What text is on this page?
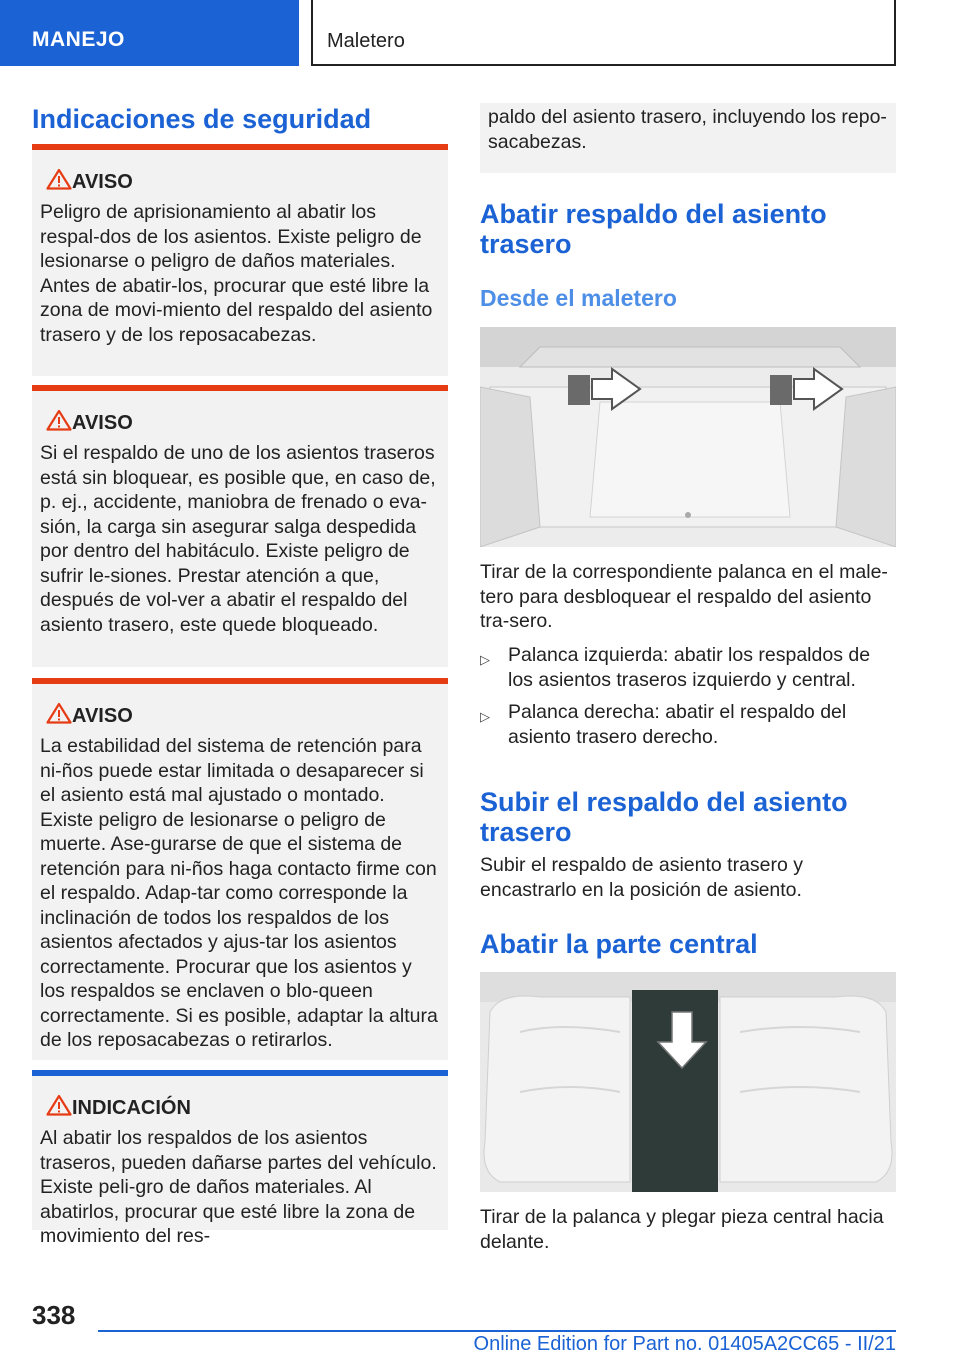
MANEJO	Maletero
Indicaciones de seguridad
AVISO
Peligro de aprisionamiento al abatir los respal-dos de los asientos. Existe peligro de lesionarse o peligro de daños materiales. Antes de abatir-los, procurar que esté libre la zona de movi-miento del respaldo del asiento trasero y de los reposacabezas.
AVISO
Si el respaldo de uno de los asientos traseros está sin bloquear, es posible que, en caso de, p. ej., accidente, maniobra de frenado o eva-sión, la carga sin asegurar salga despedida por dentro del habitáculo. Existe peligro de sufrir le-siones. Prestar atención a que, después de vol-ver a abatir el respaldo del asiento trasero, este quede bloqueado.
AVISO
La estabilidad del sistema de retención para ni-ños puede estar limitada o desaparecer si el asiento está mal ajustado o montado. Existe peligro de lesionarse o peligro de muerte. Ase-gurarse de que el sistema de retención para ni-ños haga contacto firme con el respaldo. Adap-tar como corresponde la inclinación de todos los respaldos de los asientos afectados y ajus-tar los asientos correctamente. Procurar que los asientos y los respaldos se enclaven o blo-queen correctamente. Si es posible, adaptar la altura de los reposacabezas o retirarlos.
INDICACIÓN
Al abatir los respaldos de los asientos traseros, pueden dañarse partes del vehículo. Existe peli-gro de daños materiales. Al abatirlos, procurar que esté libre la zona de movimiento del res-
paldo del asiento trasero, incluyendo los repo-sacabezas.
Abatir respaldo del asiento trasero
Desde el maletero
Tirar de la correspondiente palanca en el male-tero para desbloquear el respaldo del asiento tra-sero.
▷ Palanca izquierda: abatir los respaldos de los asientos traseros izquierdo y central.
▷ Palanca derecha: abatir el respaldo del asiento trasero derecho.
Subir el respaldo del asiento trasero
Subir el respaldo de asiento trasero y encastrarlo en la posición de asiento.
Abatir la parte central
Tirar de la palanca y plegar pieza central hacia delante.
338
Online Edition for Part no. 01405A2CC65 - II/21
